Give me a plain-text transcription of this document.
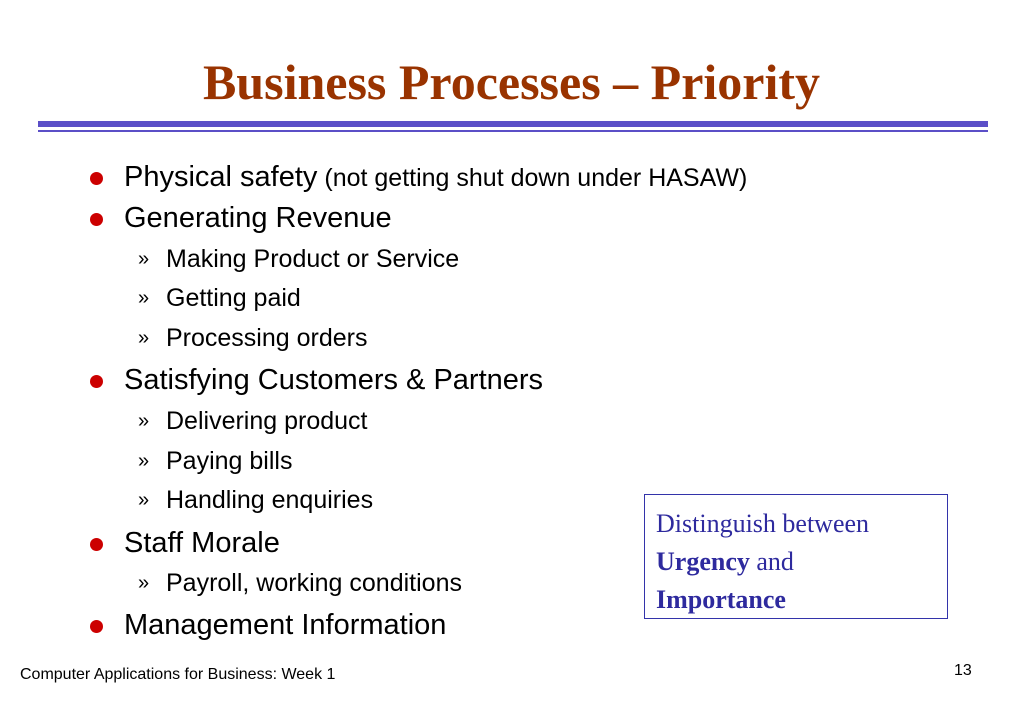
Business Processes – Priority
Physical safety (not getting shut down under HASAW)
Generating Revenue
» Making Product or Service
» Getting paid
» Processing orders
Satisfying Customers & Partners
» Delivering product
» Paying bills
» Handling enquiries
Staff Morale
» Payroll, working conditions
Management Information
Distinguish between
Urgency and
Importance
Computer Applications for Business: Week 1	13
